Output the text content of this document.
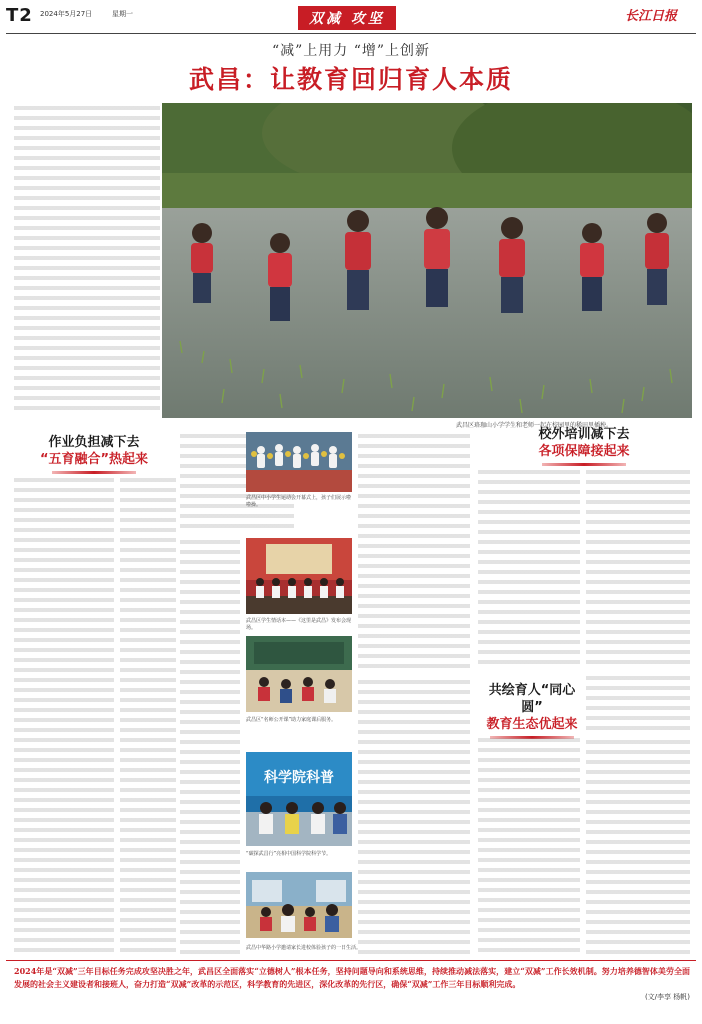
T2 2024年5月27日	星期一	双减 攻坚	长江日报
“减”上用力 “增”上创新
武昌：让教育回归育人本质
武昌区珞珈山小学学生和老师一起在校园里的稀田里插秧。
作业负担减下去
“五育融合”热起来
武昌区中小学生运动会开幕式上，孩子们展示啦啦操。
武昌区学生情话本——《这里是武昌》发布会现场。
武昌区“名师公开课”助力家庭课后服务。
科学院科普
“碳探武昌行”亮相中国科学院科学节。
武昌中华路小学邀请家长进校体验孩子的一日生活。
校外培训减下去
各项保障接起来
共绘育人“同心圆”
教育生态优起来
2024年是“双减”三年目标任务完成攻坚决胜之年，武昌区全面落实“立德树人”根本任务，坚持问题导向和系统思维，持续推动减法落实，建立“双减”工作长效机制。努力培养德智体美劳全面发展的社会主义建设者和接班人，奋力打造“双减”改革的示范区，科学教育的先进区，深化改革的先行区，确保“双减”工作三年目标顺利完成。
(文/李享 杨帆)
